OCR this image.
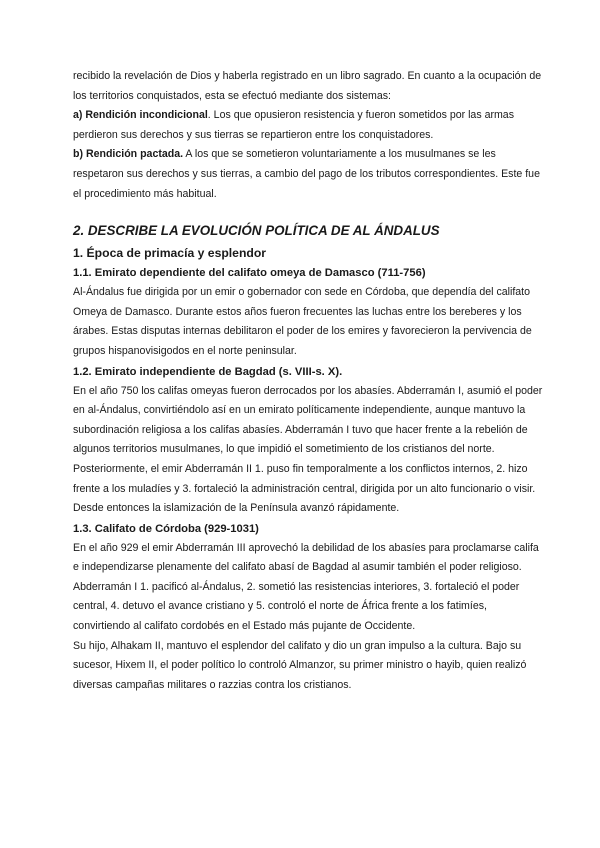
recibido la revelación de Dios y haberla registrado en un libro sagrado. En cuanto a la ocupación de los territorios conquistados, esta se efectuó mediante dos sistemas:

a) Rendición incondicional. Los que opusieron resistencia y fueron sometidos por las armas perdieron sus derechos y sus tierras se repartieron entre los conquistadores.

b) Rendición pactada. A los que se sometieron voluntariamente a los musulmanes se les respetaron sus derechos y sus tierras, a cambio del pago de los tributos correspondientes. Este fue el procedimiento más habitual.

2. DESCRIBE LA EVOLUCIÓN POLÍTICA DE AL ÁNDALUS

1. Época de primacía y esplendor

1.1. Emirato dependiente del califato omeya de Damasco (711-756)

Al-Ándalus fue dirigida por un emir o gobernador con sede en Córdoba, que dependía del califato Omeya de Damasco. Durante estos años fueron frecuentes las luchas entre los bereberes y los árabes. Estas disputas internas debilitaron el poder de los emires y favorecieron la pervivencia de grupos hispanovisigodos en el norte peninsular.

1.2. Emirato independiente de Bagdad (s. VIII-s. X).

En el año 750 los califas omeyas fueron derrocados por los abasíes. Abderramán I, asumió el poder en al-Ándalus, convirtiéndolo así en un emirato políticamente independiente, aunque mantuvo la subordinación religiosa a los califas abasíes. Abderramán I tuvo que hacer frente a la rebelión de algunos territorios musulmanes, lo que impidió el sometimiento de los cristianos del norte. Posteriormente, el emir Abderramán II 1. puso fin temporalmente a los conflictos internos, 2. hizo frente a los muladíes y 3. fortaleció la administración central, dirigida por un alto funcionario o visir. Desde entonces la islamización de la Península avanzó rápidamente.

1.3. Califato de Córdoba (929-1031)

En el año 929 el emir Abderramán III aprovechó la debilidad de los abasíes para proclamarse califa e independizarse plenamente del califato abasí de Bagdad al asumir también el poder religioso.

Abderramán I 1. pacificó al-Ándalus, 2. sometió las resistencias interiores, 3. fortaleció el poder central, 4. detuvo el avance cristiano y 5. controló el norte de África frente a los fatimíes, convirtiendo al califato cordobés en el Estado más pujante de Occidente.

Su hijo, Alhakam II, mantuvo el esplendor del califato y dio un gran impulso a la cultura. Bajo su sucesor, Hixem II, el poder político lo controló Almanzor, su primer ministro o hayib, quien realizó diversas campañas militares o razzias contra los cristianos.
